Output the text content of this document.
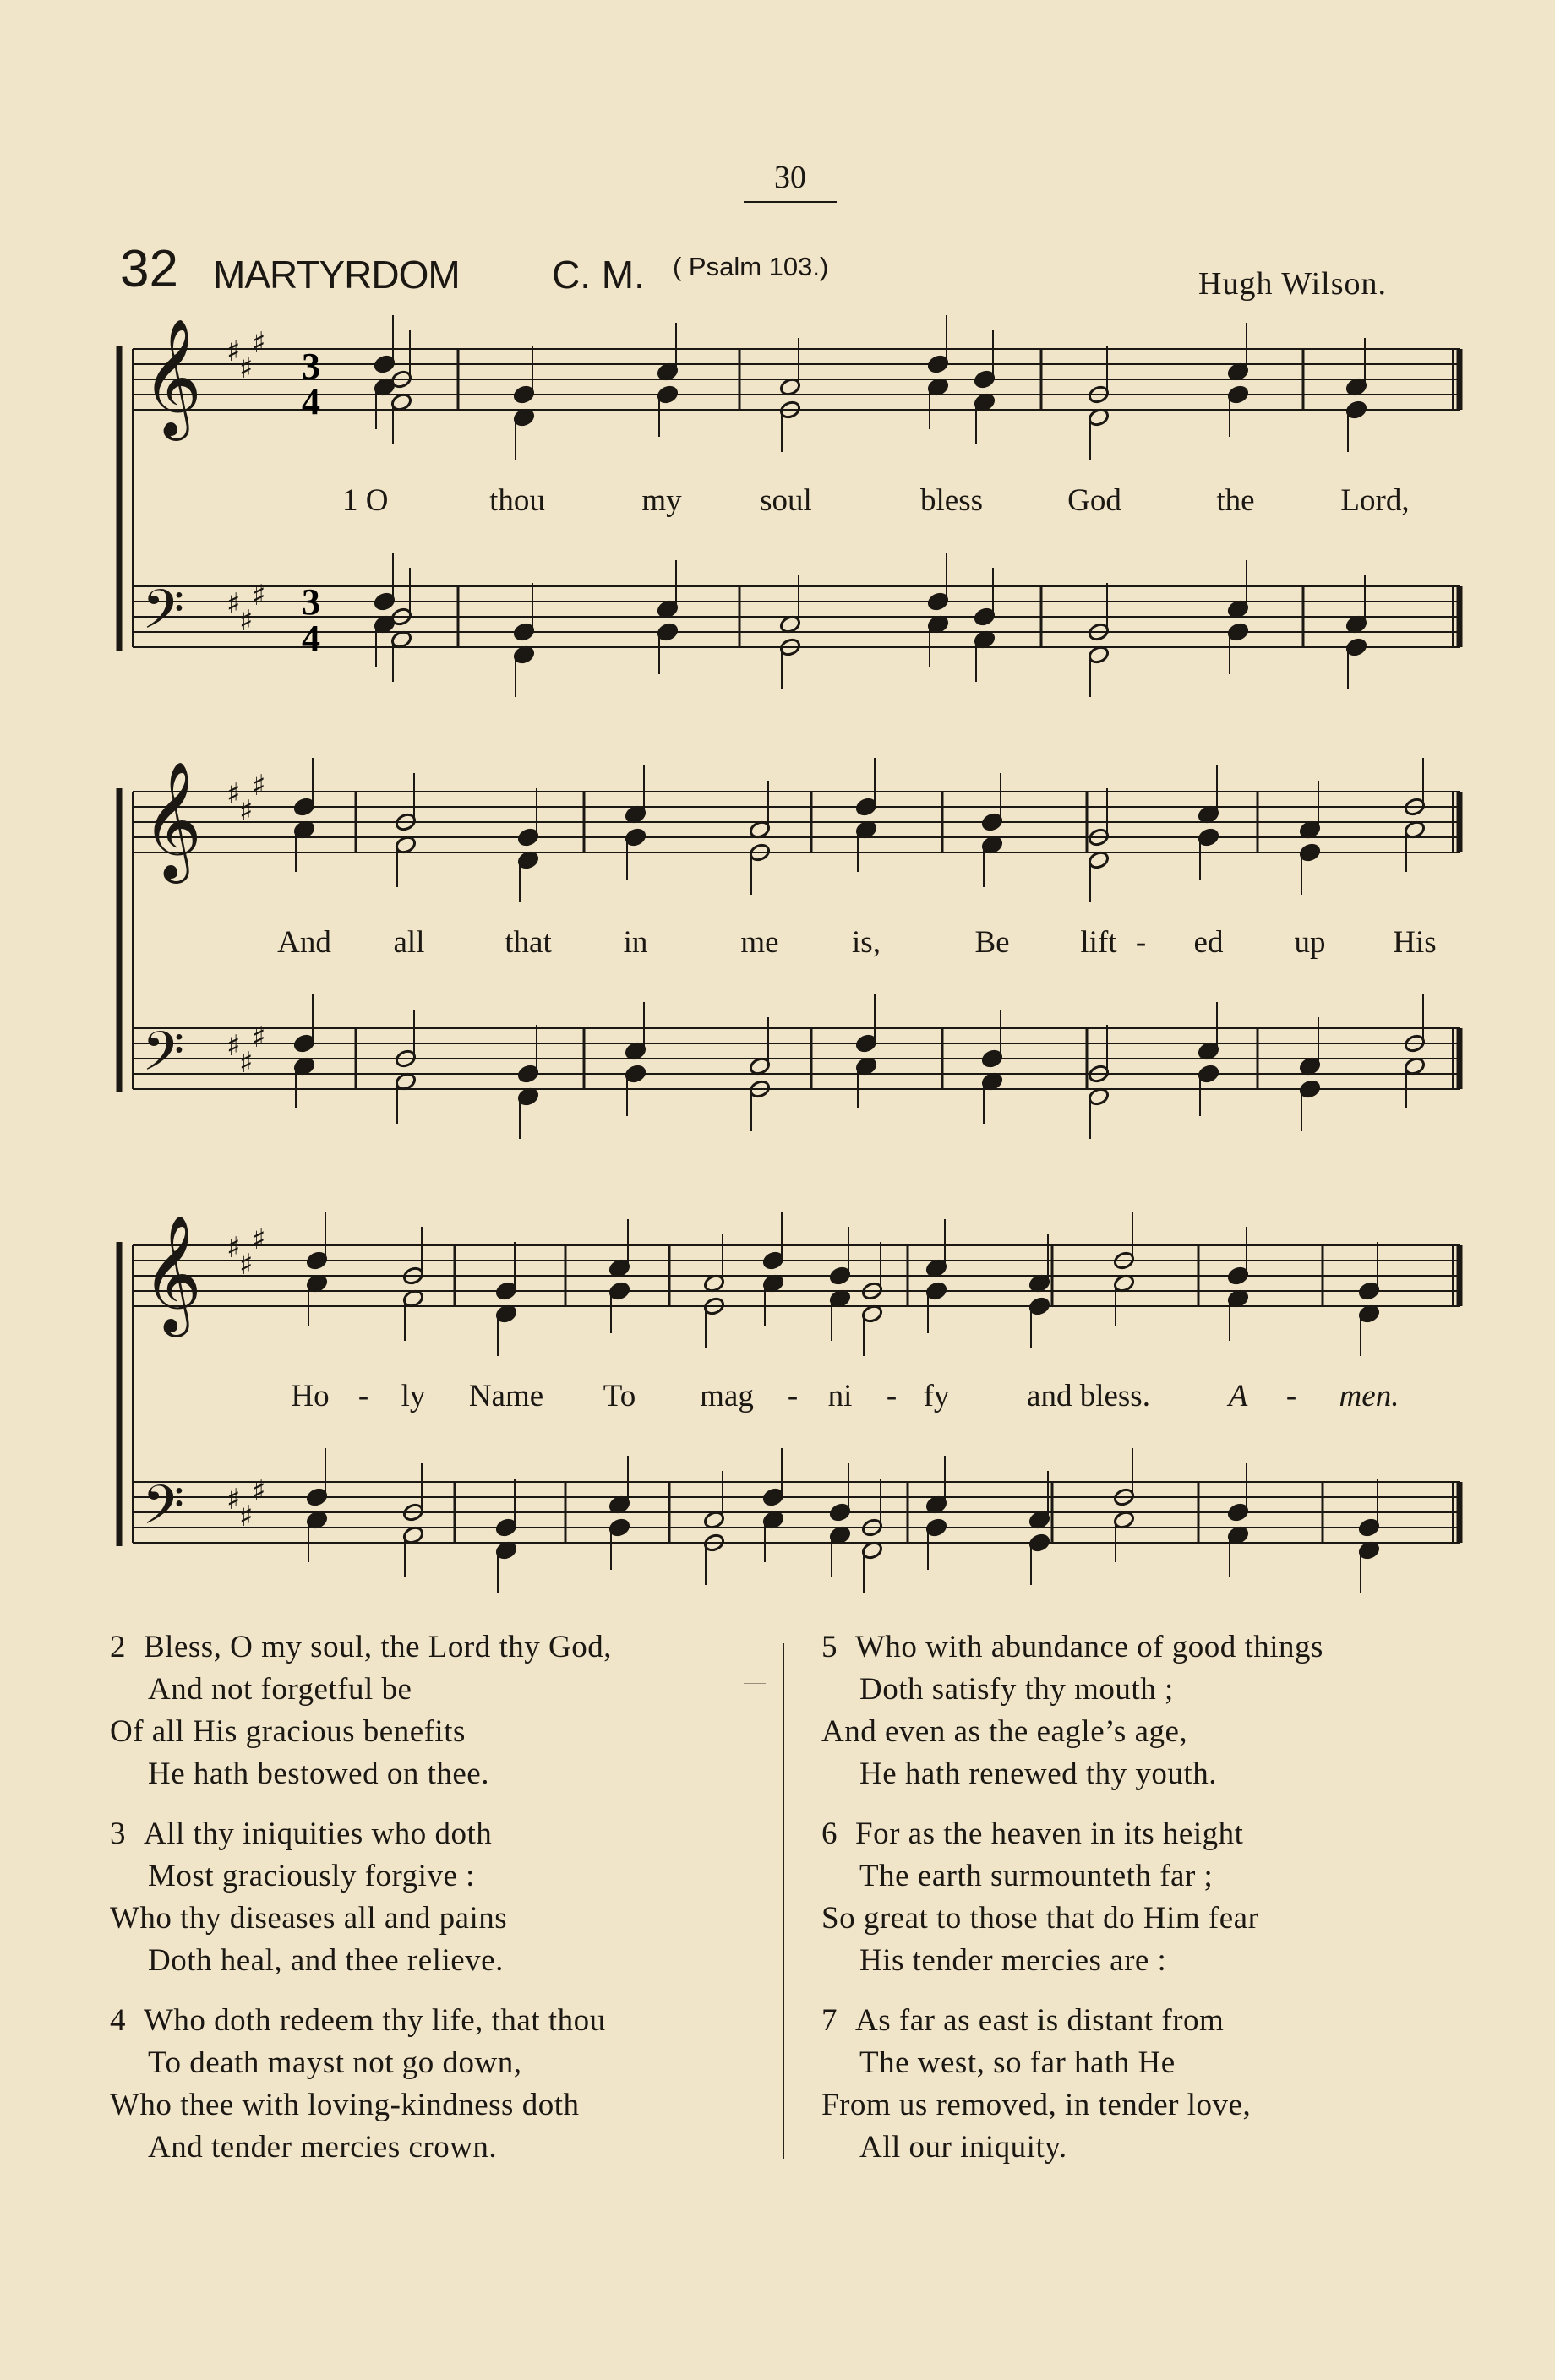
30
32 MARTYRDOM C. M. ( Psalm 103.)	Hugh Wilson.
♯
♯
♯
𝄞
♯
♯
♯
𝄢
♯
♯
♯
𝄞
♯
♯
♯
𝄢
♯
♯
♯
𝄞
♯
♯
♯
𝄢
1 O	thou	my	soul	bless	God	the	Lord,
And all	that in	me is,	Be lift - ed up His
Ho - ly Name To mag - ni - fy and bless.	A - men.
3
4
3
4
2 Bless, O my soul, the Lord thy God,
And not forgetful be
Of all His gracious benefits
He hath bestowed on thee.
3 All thy iniquities who doth
Most graciously forgive :
Who thy diseases all and pains
Doth heal, and thee relieve.
4 Who doth redeem thy life, that thou
To death mayst not go down,
Who thee with loving-kindness doth
And tender mercies crown.
5 Who with abundance of good things
Doth satisfy thy mouth ;
And even as the eagle’s age,
He hath renewed thy youth.
6 For as the heaven in its height
The earth surmounteth far ;
So great to those that do Him fear
His tender mercies are :
7 As far as east is distant from
The west, so far hath He
From us removed, in tender love,
All our iniquity.
